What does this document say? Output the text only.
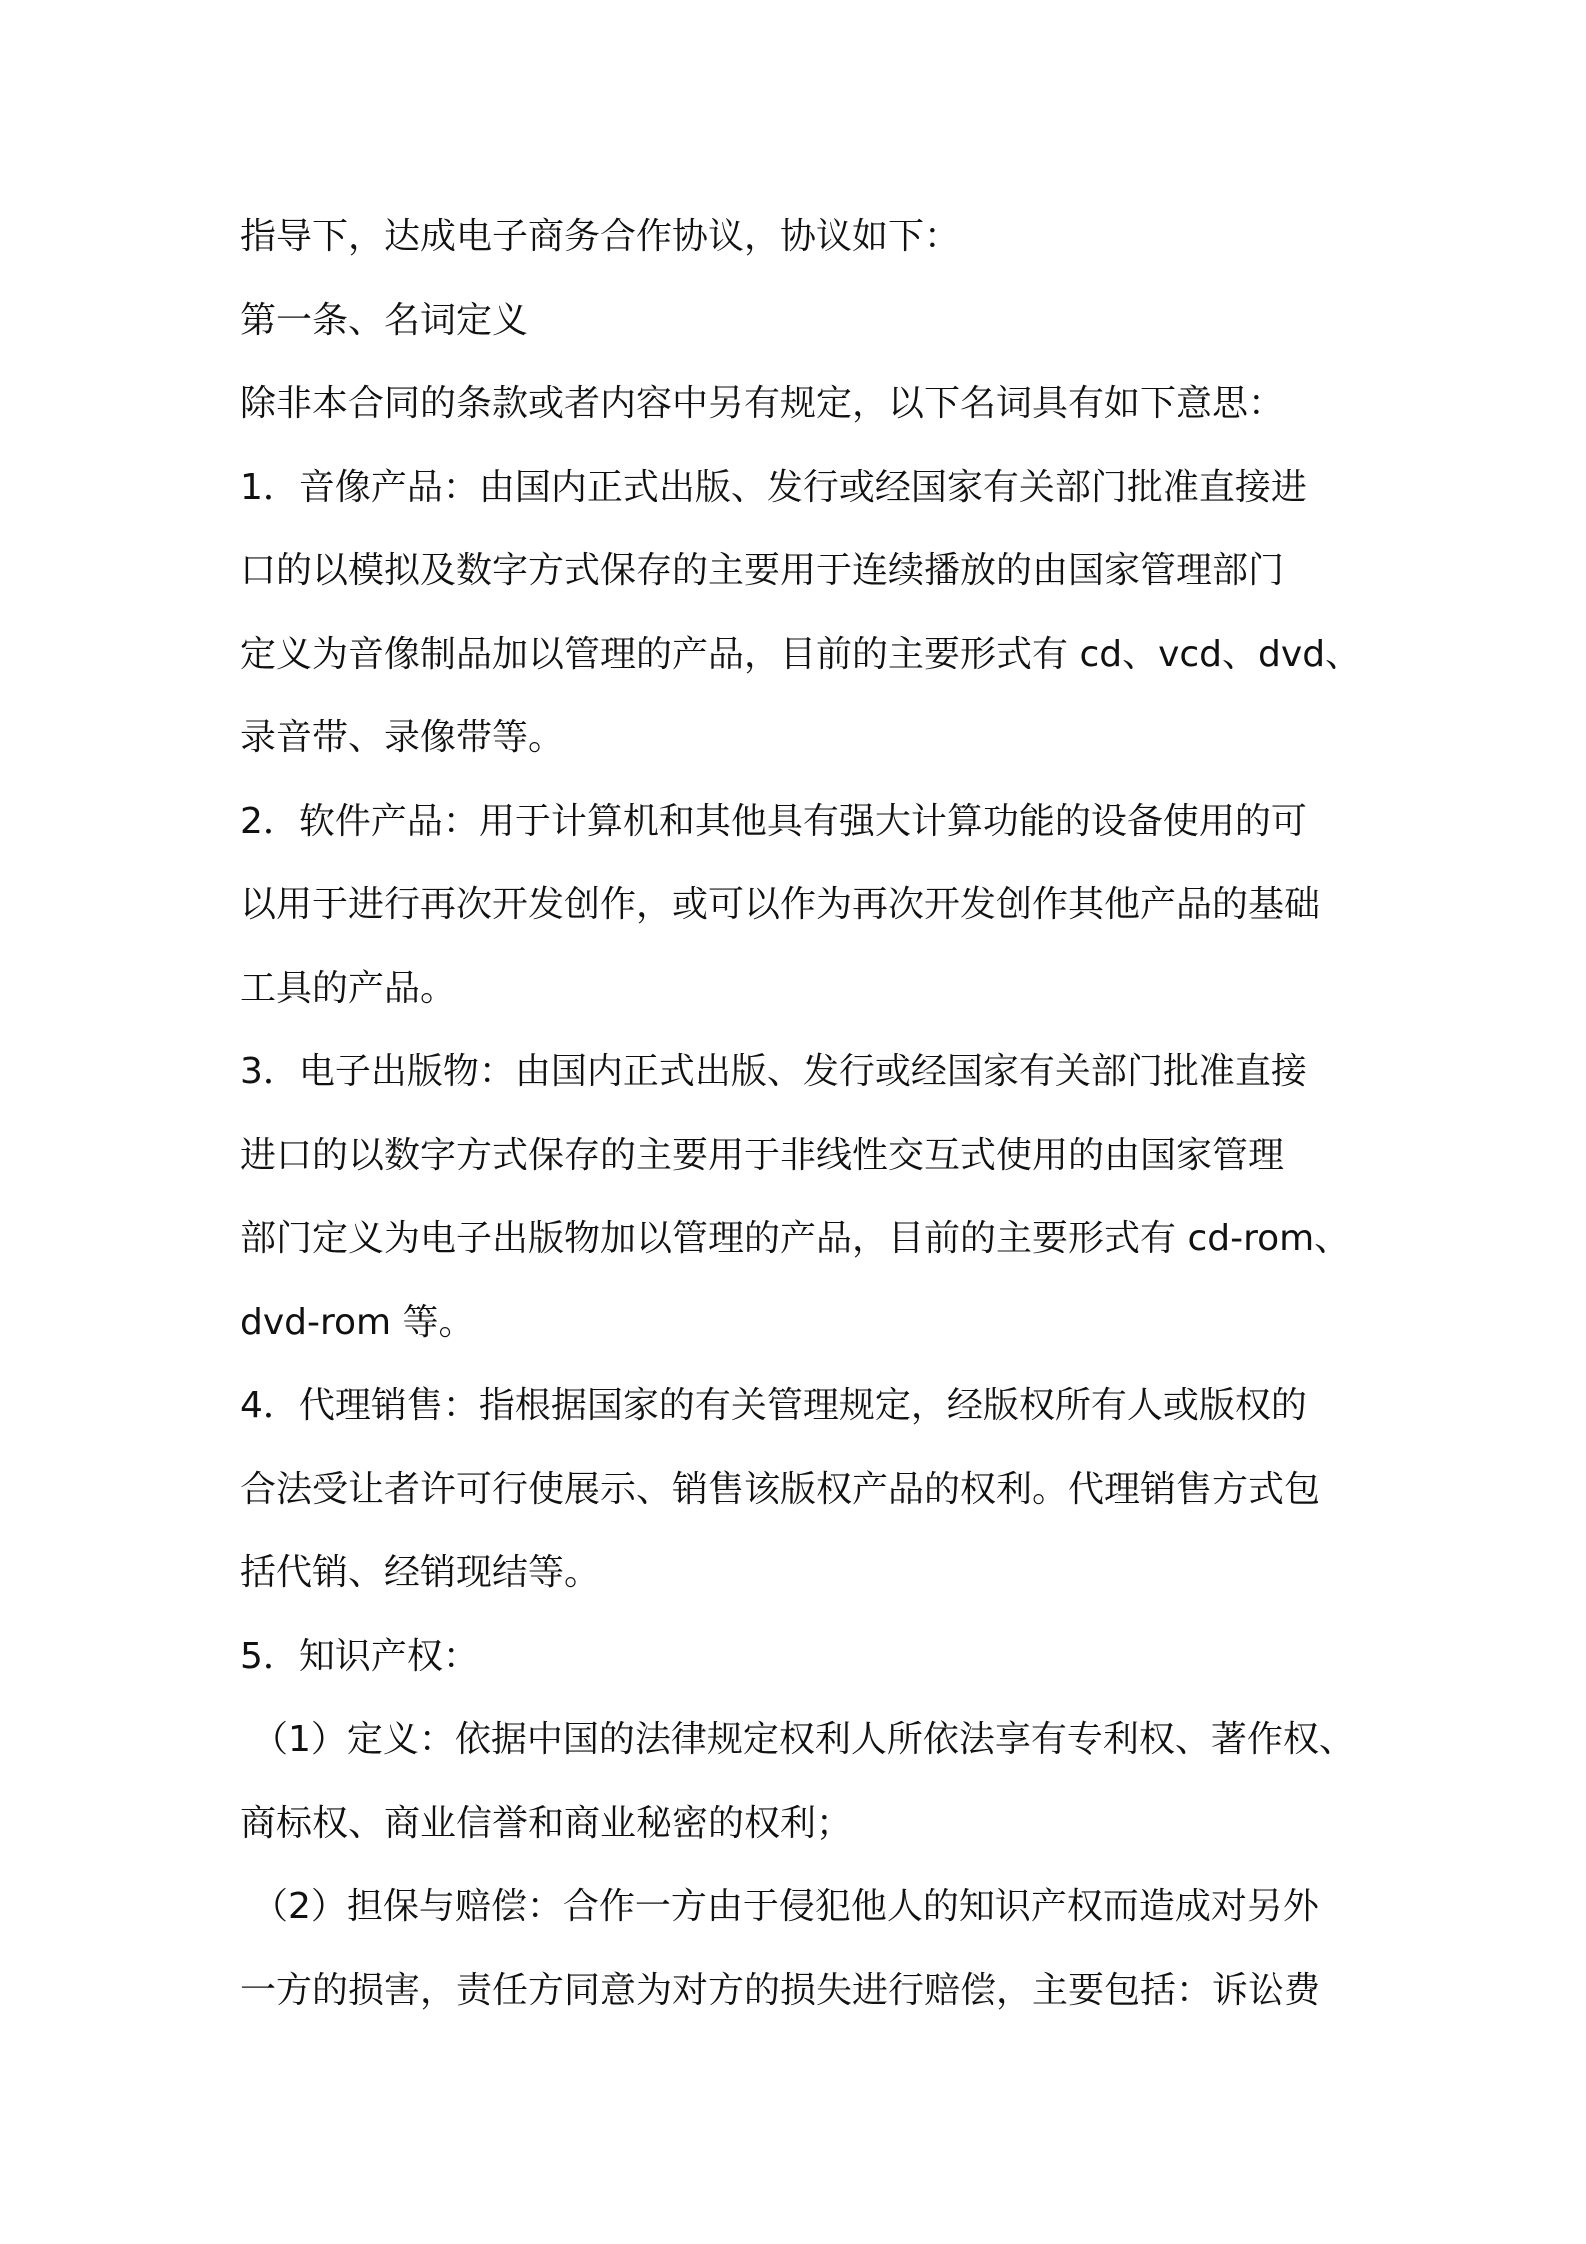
指导下，达成电子商务合作协议，协议如下：
第一条、名词定义
除非本合同的条款或者内容中另有规定，以下名词具有如下意思：
1．音像产品：由国内正式出版、发行或经国家有关部门批准直接进
口的以模拟及数字方式保存的主要用于连续播放的由国家管理部门
定义为音像制品加以管理的产品，目前的主要形式有 cd、vcd、dvd、
录音带、录像带等。
2．软件产品：用于计算机和其他具有强大计算功能的设备使用的可
以用于进行再次开发创作，或可以作为再次开发创作其他产品的基础
工具的产品。
3．电子出版物：由国内正式出版、发行或经国家有关部门批准直接
进口的以数字方式保存的主要用于非线性交互式使用的由国家管理
部门定义为电子出版物加以管理的产品，目前的主要形式有 cd-rom、
dvd-rom 等。
4．代理销售：指根据国家的有关管理规定，经版权所有人或版权的
合法受让者许可行使展示、销售该版权产品的权利。代理销售方式包
括代销、经销现结等。
5．知识产权：
（1）定义：依据中国的法律规定权利人所依法享有专利权、著作权、
商标权、商业信誉和商业秘密的权利；
（2）担保与赔偿：合作一方由于侵犯他人的知识产权而造成对另外
一方的损害，责任方同意为对方的损失进行赔偿，主要包括：诉讼费
